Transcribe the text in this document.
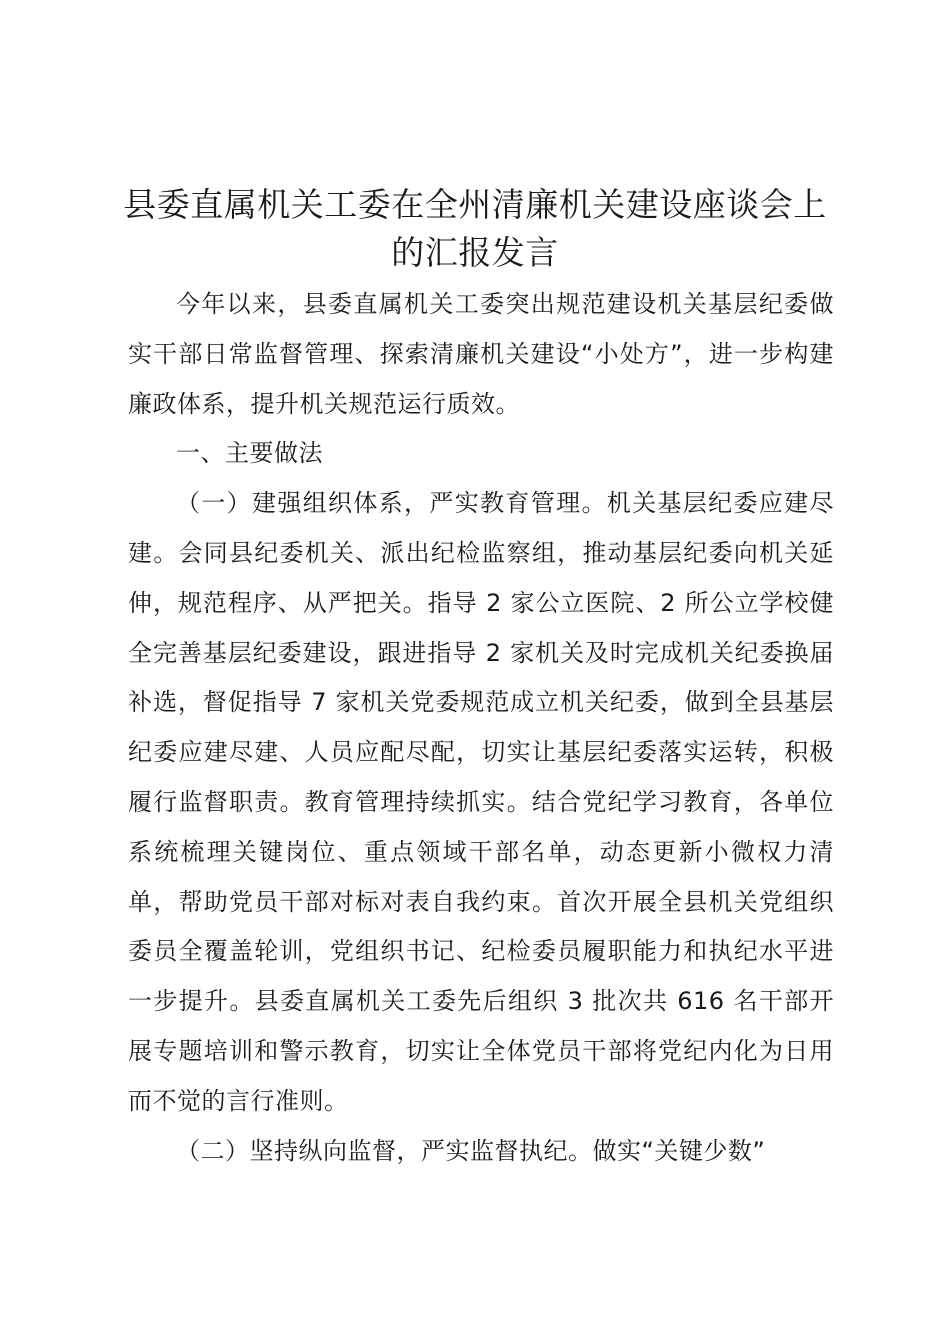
县委直属机关工委在全州清廉机关建设座谈会上的汇报发言

今年以来，县委直属机关工委突出规范建设机关基层纪委做实干部日常监督管理、探索清廉机关建设“小处方”，进一步构建廉政体系，提升机关规范运行质效。

一、主要做法

（一）建强组织体系，严实教育管理。机关基层纪委应建尽建。会同县纪委机关、派出纪检监察组，推动基层纪委向机关延伸，规范程序、从严把关。指导 2 家公立医院、2 所公立学校健全完善基层纪委建设，跟进指导 2 家机关及时完成机关纪委换届补选，督促指导 7 家机关党委规范成立机关纪委，做到全县基层纪委应建尽建、人员应配尽配，切实让基层纪委落实运转，积极履行监督职责。教育管理持续抓实。结合党纪学习教育，各单位系统梳理关键岗位、重点领域干部名单，动态更新小微权力清单，帮助党员干部对标对表自我约束。首次开展全县机关党组织委员全覆盖轮训，党组织书记、纪检委员履职能力和执纪水平进一步提升。县委直属机关工委先后组织 3 批次共 616 名干部开展专题培训和警示教育，切实让全体党员干部将党纪内化为日用而不觉的言行准则。

（二）坚持纵向监督，严实监督执纪。做实“关键少数”
